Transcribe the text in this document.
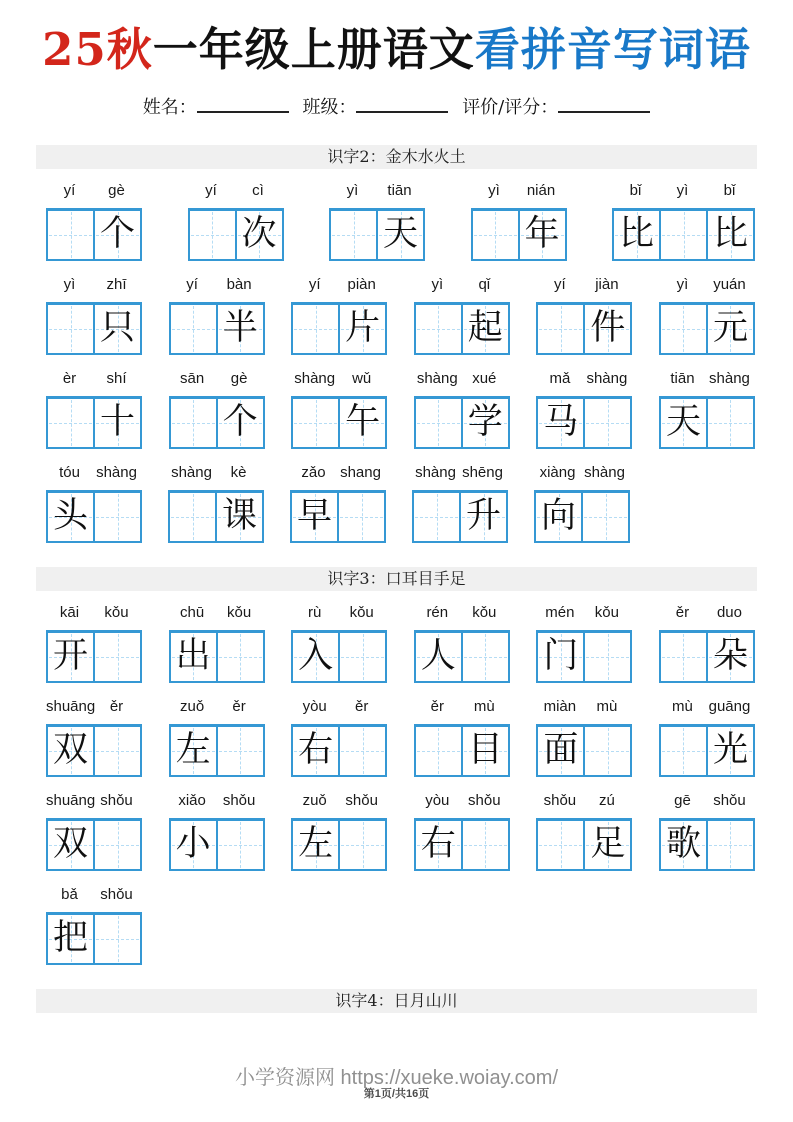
25秋一年级上册语文看拼音写词语
姓名：	班级：	评价/评分：
识字2：金木水火土
yí	gè
个
yí	cì
次
yì	tiān
天
yì	nián
年
bǐ	yì	bǐ
比 比
yì	zhī
只
yí	bàn
半
yí	piàn
片
yì	qǐ
起
yí	jiàn
件
yì	yuán
元
èr	shí
十
sān	gè
个
shàng	wǔ
午
shàng xué
学
mǎ	shàng
马
tiān shàng
天
tóu	shàng
头
shàng	kè
课
zǎo shang
早
shàng shēng
升
xiàng shàng
向
识字3：口耳目手足
kāi	kǒu
开
chū	kǒu
出
rù	kǒu
入
rén	kǒu
人
mén	kǒu
门
ěr	duo
朵
shuāng ěr
双
zuǒ	ěr
左
yòu	ěr
右
ěr	mù
目
miàn	mù
面
mù	guāng
光
shuāng shǒu
双
xiǎo	shǒu
小
zuǒ	shǒu
左
yòu	shǒu
右
shǒu	zú
足
gē	shǒu
歌
bǎ	shǒu
把
识字4：日月山川
小学资源网 https://xueke.woiay.com/
第1页/共16页
